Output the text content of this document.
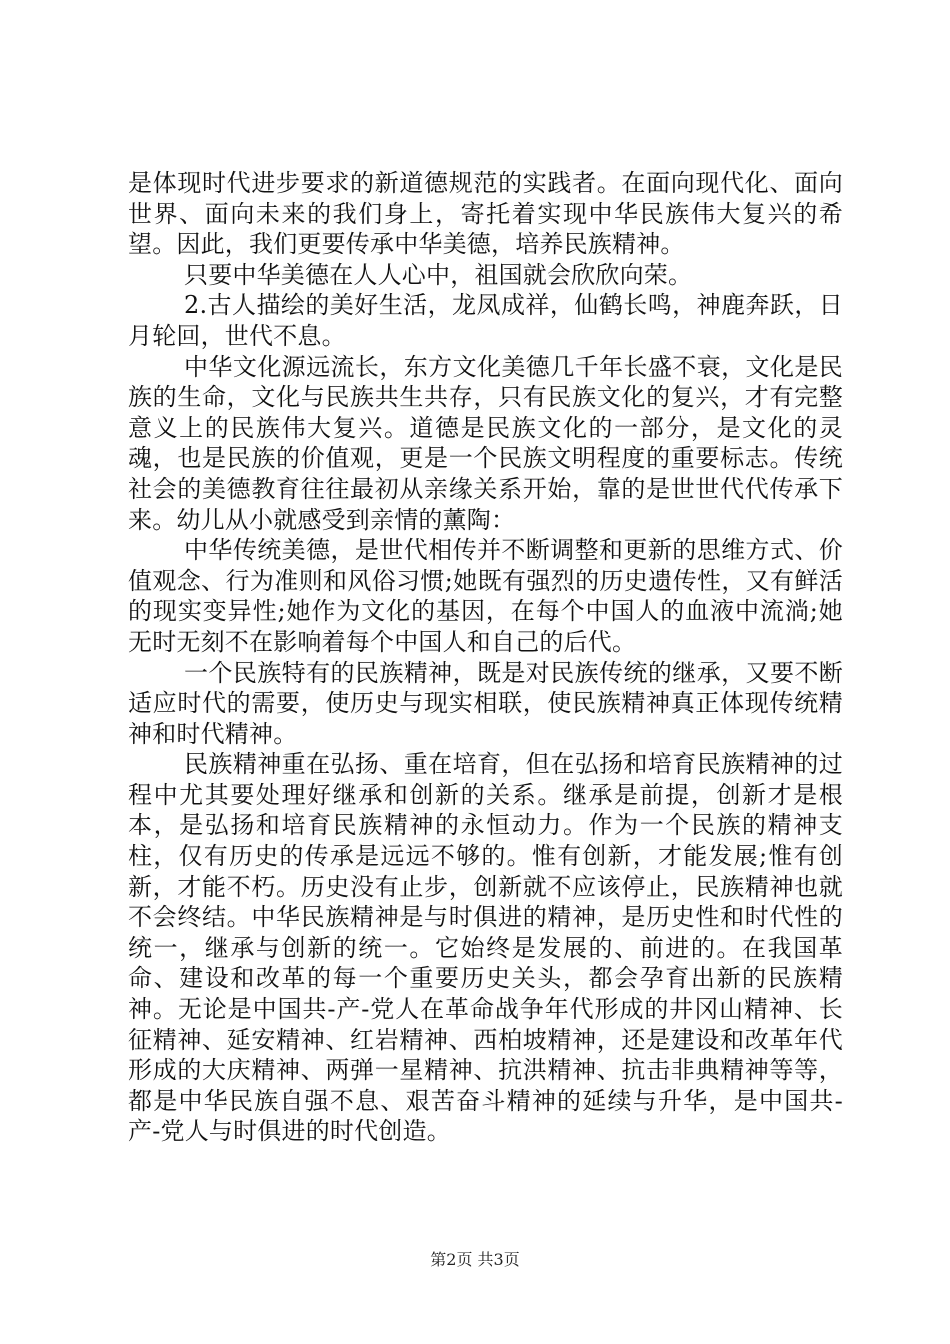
是体现时代进步要求的新道德规范的实践者。在面向现代化、面向世界、面向未来的我们身上，寄托着实现中华民族伟大复兴的希望。因此，我们更要传承中华美德，培养民族精神。

只要中华美德在人人心中，祖国就会欣欣向荣。

2.古人描绘的美好生活，龙凤成祥，仙鹤长鸣，神鹿奔跃，日月轮回，世代不息。

中华文化源远流长，东方文化美德几千年长盛不衰，文化是民族的生命，文化与民族共生共存，只有民族文化的复兴，才有完整意义上的民族伟大复兴。道德是民族文化的一部分，是文化的灵魂，也是民族的价值观，更是一个民族文明程度的重要标志。传统社会的美德教育往往最初从亲缘关系开始，靠的是世世代代传承下来。幼儿从小就感受到亲情的薰陶：

中华传统美德，是世代相传并不断调整和更新的思维方式、价值观念、行为准则和风俗习惯;她既有强烈的历史遗传性，又有鲜活的现实变异性;她作为文化的基因，在每个中国人的血液中流淌;她无时无刻不在影响着每个中国人和自己的后代。

一个民族特有的民族精神，既是对民族传统的继承，又要不断适应时代的需要，使历史与现实相联，使民族精神真正体现传统精神和时代精神。

民族精神重在弘扬、重在培育，但在弘扬和培育民族精神的过程中尤其要处理好继承和创新的关系。继承是前提，创新才是根本，是弘扬和培育民族精神的永恒动力。作为一个民族的精神支柱，仅有历史的传承是远远不够的。惟有创新，才能发展;惟有创新，才能不朽。历史没有止步，创新就不应该停止，民族精神也就不会终结。中华民族精神是与时俱进的精神，是历史性和时代性的统一，继承与创新的统一。它始终是发展的、前进的。在我国革命、建设和改革的每一个重要历史关头，都会孕育出新的民族精神。无论是中国共-产-党人在革命战争年代形成的井冈山精神、长征精神、延安精神、红岩精神、西柏坡精神，还是建设和改革年代形成的大庆精神、两弹一星精神、抗洪精神、抗击非典精神等等，都是中华民族自强不息、艰苦奋斗精神的延续与升华，是中国共-产-党人与时俱进的时代创造。

第2页 共3页
